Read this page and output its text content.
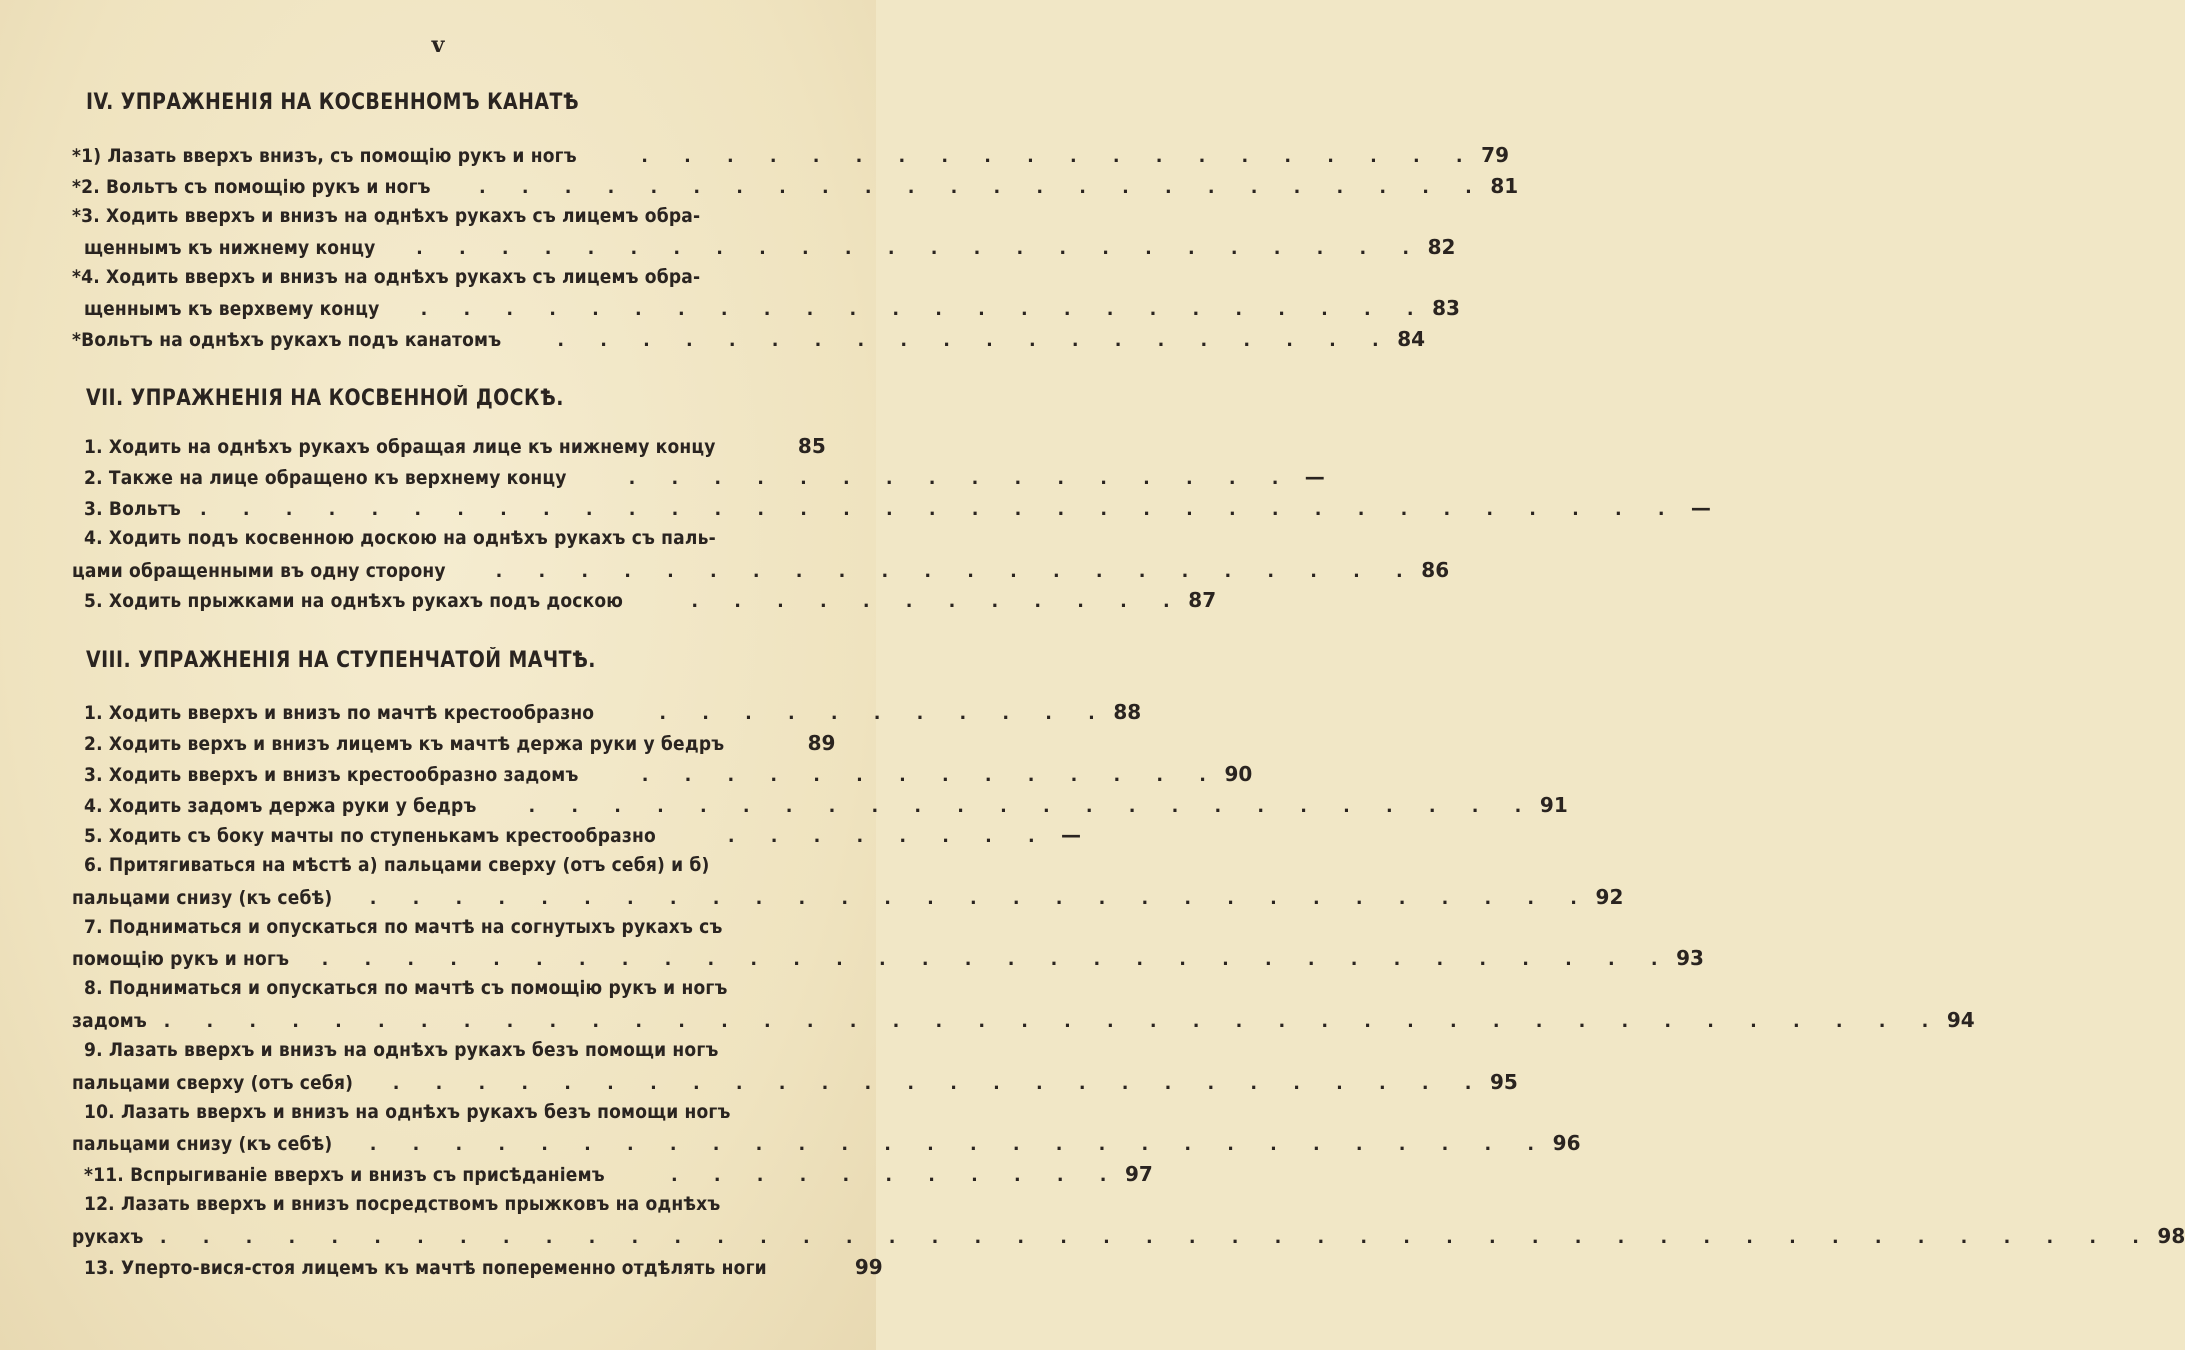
v
IV. УПРАЖНЕНІЯ НА КОСВЕННОМЪ КАНАТѢ
*1) Лазать вверхъ внизъ, съ помощію рукъ и ногъ	. . . . . . . . . . . . . . . . . . . . 79
*2. Вольтъ съ помощію рукъ и ногъ	. . . . . . . . . . . . . . . . . . . . . . . . 81
*3. Ходить вверхъ и внизъ на однѣхъ рукахъ съ лицемъ обра-
щеннымъ къ нижнему концу	. . . . . . . . . . . . . . . . . . . . . . . . 82
*4. Ходить вверхъ и внизъ на однѣхъ рукахъ съ лицемъ обра-
щеннымъ къ верхвему концу	. . . . . . . . . . . . . . . . . . . . . . . . 83
*Вольтъ на однѣхъ рукахъ подъ канатомъ	. . . . . . . . . . . . . . . . . . . . 84
VII. УПРАЖНЕНІЯ НА КОСВЕННОЙ ДОСКѢ.
1. Ходить на однѣхъ рукахъ обращая лице къ нижнему концу	85
2. Также на лице обращено къ верхнему концу	. . . . . . . . . . . . . . . . —
3. Вольтъ . . . . . . . . . . . . . . . . . . . . . . . . . . . . . . . . . . . —
4. Ходить подъ косвенною доскою на однѣхъ рукахъ съ паль-
цами обращенными въ одну сторону	. . . . . . . . . . . . . . . . . . . . . . 86
5. Ходить прыжками на однѣхъ рукахъ подъ доскою	. . . . . . . . . . . . 87
VIII. УПРАЖНЕНІЯ НА СТУПЕНЧАТОЙ МАЧТѢ.
1. Ходить вверхъ и внизъ по мачтѣ крестообразно	. . . . . . . . . . . 88
2. Ходить верхъ и внизъ лицемъ къ мачтѣ держа руки у бедръ	89
3. Ходить вверхъ и внизъ крестообразно задомъ	. . . . . . . . . . . . . . 90
4. Ходить задомъ держа руки у бедръ	. . . . . . . . . . . . . . . . . . . . . . . . 91
5. Ходить съ боку мачты по ступенькамъ крестообразно	. . . . . . . . —
6. Притягиваться на мѣстѣ а) пальцами сверху (отъ себя) и б)
пальцами снизу (къ себѣ)	. . . . . . . . . . . . . . . . . . . . . . . . . . . . . 92
7. Подниматься и опускаться по мачтѣ на согнутыхъ рукахъ съ
помощію рукъ и ногъ	. . . . . . . . . . . . . . . . . . . . . . . . . . . . . . . . 93
8. Подниматься и опускаться по мачтѣ съ помощію рукъ и ногъ
задомъ . . . . . . . . . . . . . . . . . . . . . . . . . . . . . . . . . . . . . . . . . . 94
9. Лазать вверхъ и внизъ на однѣхъ рукахъ безъ помощи ногъ
пальцами сверху (отъ себя)	. . . . . . . . . . . . . . . . . . . . . . . . . . 95
10. Лазать вверхъ и внизъ на однѣхъ рукахъ безъ помощи ногъ
пальцами снизу (къ себѣ)	. . . . . . . . . . . . . . . . . . . . . . . . . . . . 96
*11. Вспрыгиваніе вверхъ и внизъ съ присѣданіемъ	. . . . . . . . . . . 97
12. Лазать вверхъ и внизъ посредствомъ прыжковъ на однѣхъ
рукахъ . . . . . . . . . . . . . . . . . . . . . . . . . . . . . . . . . . . . . . . . . . . . . . . 98
13. Уперто-вися-стоя лицемъ къ мачтѣ попеременно отдѣлять ноги	99
